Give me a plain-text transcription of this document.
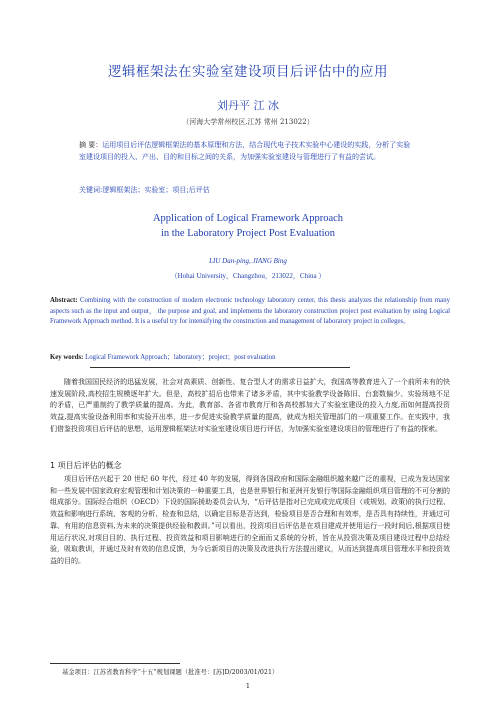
逻辑框架法在实验室建设项目后评估中的应用
刘丹平 江 冰
（河海大学常州校区,江苏 常州 213022）
摘 要：运用项目后评估逻辑框架法的基本原理和方法，结合现代电子技术实验中心建设的实践，分析了实验室建设项目的投入、产出、目的和目标之间的关系，为加强实验室建设与管理进行了有益的尝试。
关键词:逻辑框架法；实验室；项目;后评估
Application of Logical Framework Approach
in the Laboratory Project Post Evaluation
LIU Dan-ping, JIANG Bing
（Hohai University，Changzhou，213022，China ）
Abstract: Combining with the construction of modern electronic technology laboratory center, this thesis analyzes the relationship from many aspects such as the input and output， the purpose and goal, and implements the laboratory construction project post evaluation by using Logical Framework Approach method. It is a useful try for intensifying the construction and management of laboratory project in colleges。
Key words: Logical Framework Approach；laboratory；project；post evaluation
随着我国国民经济的迅猛发展，社会对高素质、创新性、复合型人才的需求日益扩大，我国高等教育进入了一个前所未有的快速发展阶段,高校招生规模逐年扩大。但是，高校扩招后也带来了诸多矛盾，其中实验教学设备陈旧、台套数偏少、实验场地不足的矛盾，已严重制约了教学质量的提高。为此，教育部、各省市教育厅和各高校都加大了实验室建设的投入力度,而如何提高投资效益,提高实验设备利用率和实验开出率，进一步促进实验教学质量的提高，就成为相关管理部门的一项重要工作。在实践中，我们借鉴投资项目后评估的思想，运用逻辑框架法对实验室建设项目进行评估，为加强实验室建设项目的管理进行了有益的探索。
1 项目后评估的概念
项目后评估兴起于 20 世纪 60 年代，经过 40 年的发展，得到各国政府和国际金融组织越来越广泛的重视，已成为发达国家和一些发展中国家政府宏观管理和计划决策的一种重要工具，也是世界银行和亚洲开发银行等国际金融组织项目管理的不可分割的组成部分。国际经合组织（OECD）下设的国际援助委员会认为，“后评估是指对已完成或完成项目（或规划、政策)的执行过程、效益和影响进行系统、客观的分析、检查和总结，以确定目标是否达到，检验项目是否合理和有效率，是否具有持续性，并通过可靠、有用的信息资料,为未来的决策提供经验和教训。”可以看出，投资项目后评估是在项目建成并使用运行一段时间后,根据项目使用运行状况,对项目目的、执行过程、投资效益和项目影响进行的全面而又系统的分析，旨在从投资决策及项目建设过程中总结经验，吸取教训，并通过及时有效的信息反馈，为今后新项目的决策及改进执行方法提出建议，从而达到提高项目管理水平和投资效益的目的。
基金项目：江苏省教育科学“十五”规划课题（批准号：[苏]D/2003/01/021）
1
